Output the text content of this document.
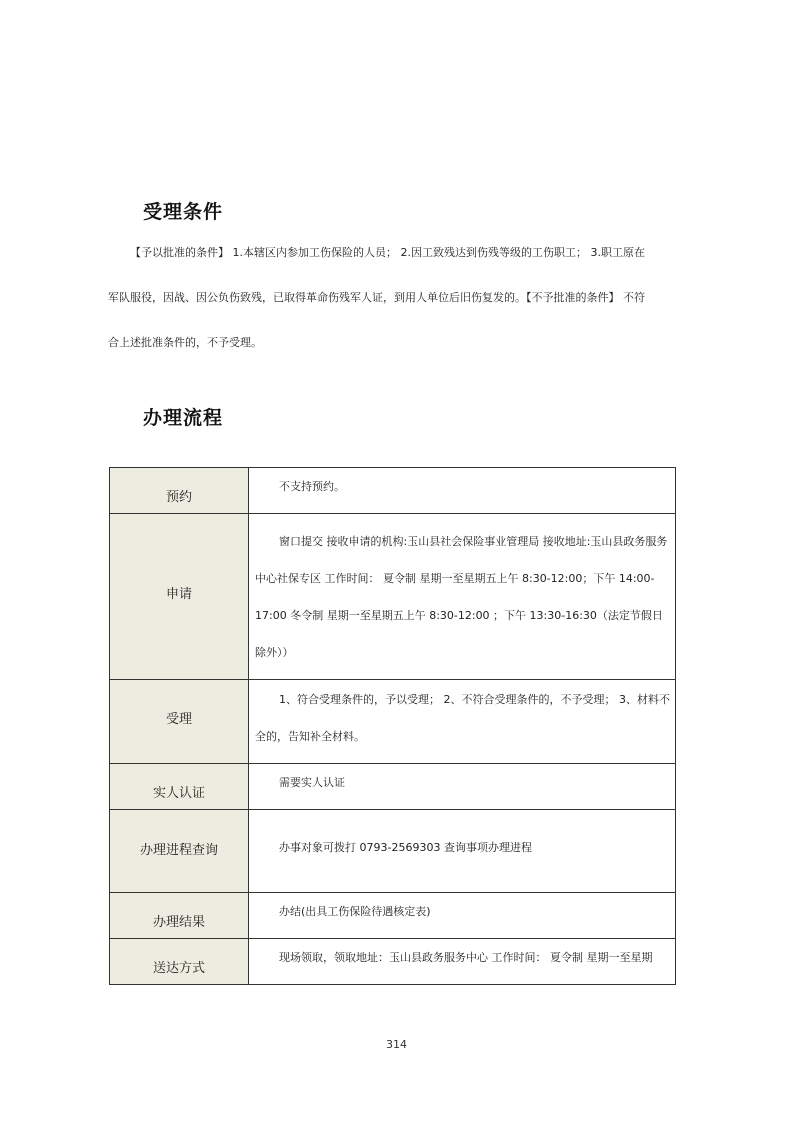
受理条件
【予以批准的条件】 1.本辖区内参加工伤保险的人员； 2.因工致残达到伤残等级的工伤职工； 3.职工原在
军队服役，因战、因公负伤致残，已取得革命伤残军人证，到用人单位后旧伤复发的。【不予批准的条件】 不符
合上述批准条件的，不予受理。
办理流程
预约	不支持预约。

申请	窗口提交 接收申请的机构:玉山县社会保险事业管理局 接收地址:玉山县政务服务中心社保专区 工作时间： 夏令制 星期一至星期五上午 8:30-12:00；下午 14:00-17:00 冬令制 星期一至星期五上午 8:30-12:00 ；下午 13:30-16:30（法定节假日除外））

受理	1、符合受理条件的，予以受理； 2、不符合受理条件的，不予受理； 3、材料不全的，告知补全材料。

实人认证	需要实人认证

办理进程查询	办事对象可拨打 0793-2569303 查询事项办理进程

办理结果	办结(出具工伤保险待遇核定表)

送达方式	现场领取，领取地址：玉山县政务服务中心 工作时间： 夏令制 星期一至星期
314
